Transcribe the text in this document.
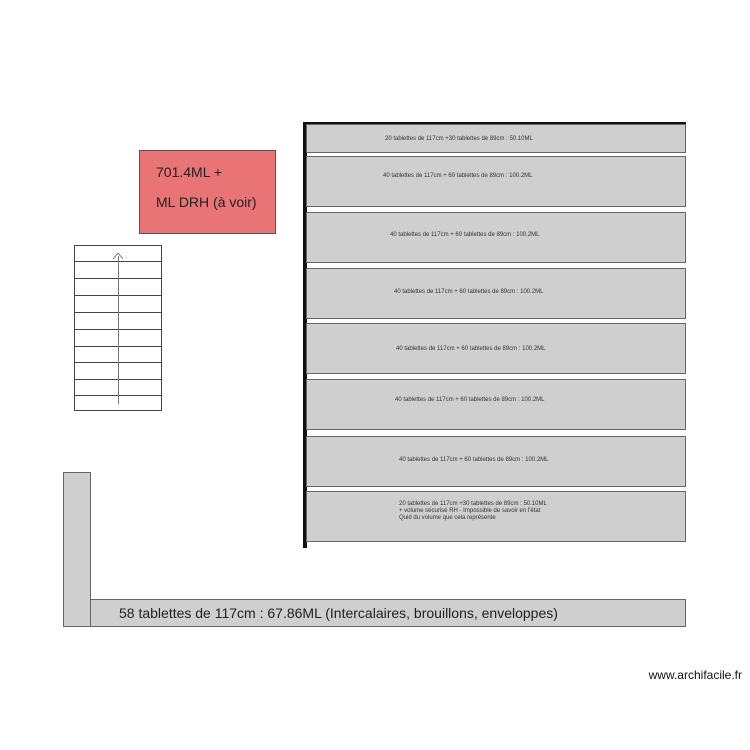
701.4ML +
ML DRH (à voir)
20 tablettes de 117cm +30 tablettes de 89cm : 50.10ML
40 tablettes de 117cm + 60 tablettes de 89cm : 100.2ML
40 tablettes de 117cm + 60 tablettes de 89cm : 100.2ML
40 tablettes de 117cm + 60 tablettes de 89cm : 100.2ML
40 tablettes de 117cm + 60 tablettes de 89cm : 100.2ML
40 tablettes de 117cm + 60 tablettes de 89cm : 100.2ML
40 tablettes de 117cm + 60 tablettes de 89cm : 100.2ML
20 tablettes de 117cm +30 tablettes de 89cm : 50.10ML
+ volume sécurisé RH - Impossible de savoir en l'état
Quid du volume que cela représente
58 tablettes de 117cm : 67.86ML (Intercalaires, brouillons, enveloppes)
www.archifacile.fr
